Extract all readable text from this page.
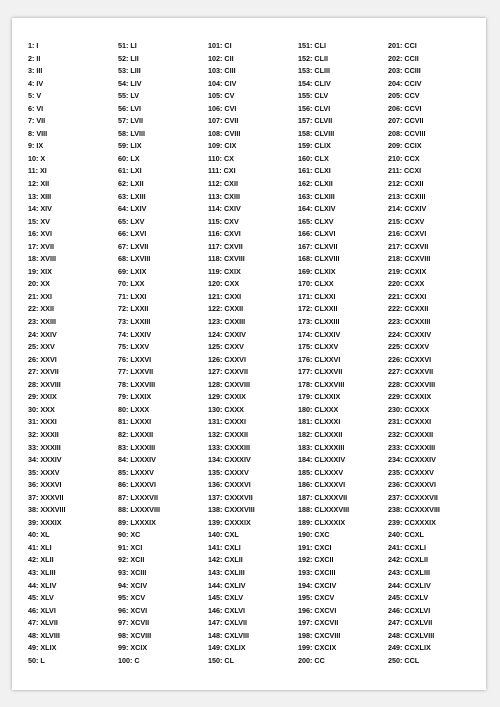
1: I
2: II
3: III
4: IV
5: V
6: VI
7: VII
8: VIII
9: IX
10: X
11: XI
12: XII
13: XIII
14: XIV
15: XV
16: XVI
17: XVII
18: XVIII
19: XIX
20: XX
21: XXI
22: XXII
23: XXIII
24: XXIV
25: XXV
26: XXVI
27: XXVII
28: XXVIII
29: XXIX
30: XXX
31: XXXI
32: XXXII
33: XXXIII
34: XXXIV
35: XXXV
36: XXXVI
37: XXXVII
38: XXXVIII
39: XXXIX
40: XL
41: XLI
42: XLII
43: XLIII
44: XLIV
45: XLV
46: XLVI
47: XLVII
48: XLVIII
49: XLIX
50: L
51: LI
52: LII
53: LIII
54: LIV
55: LV
56: LVI
57: LVII
58: LVIII
59: LIX
60: LX
61: LXI
62: LXII
63: LXIII
64: LXIV
65: LXV
66: LXVI
67: LXVII
68: LXVIII
69: LXIX
70: LXX
71: LXXI
72: LXXII
73: LXXIII
74: LXXIV
75: LXXV
76: LXXVI
77: LXXVII
78: LXXVIII
79: LXXIX
80: LXXX
81: LXXXI
82: LXXXII
83: LXXXIII
84: LXXXIV
85: LXXXV
86: LXXXVI
87: LXXXVII
88: LXXXVIII
89: LXXXIX
90: XC
91: XCI
92: XCII
93: XCIII
94: XCIV
95: XCV
96: XCVI
97: XCVII
98: XCVIII
99: XCIX
100: C
101: CI
102: CII
103: CIII
104: CIV
105: CV
106: CVI
107: CVII
108: CVIII
109: CIX
110: CX
111: CXI
112: CXII
113: CXIII
114: CXIV
115: CXV
116: CXVI
117: CXVII
118: CXVIII
119: CXIX
120: CXX
121: CXXI
122: CXXII
123: CXXIII
124: CXXIV
125: CXXV
126: CXXVI
127: CXXVII
128: CXXVIII
129: CXXIX
130: CXXX
131: CXXXI
132: CXXXII
133: CXXXIII
134: CXXXIV
135: CXXXV
136: CXXXVI
137: CXXXVII
138: CXXXVIII
139: CXXXIX
140: CXL
141: CXLI
142: CXLII
143: CXLIII
144: CXLIV
145: CXLV
146: CXLVI
147: CXLVII
148: CXLVIII
149: CXLIX
150: CL
151: CLI
152: CLII
153: CLIII
154: CLIV
155: CLV
156: CLVI
157: CLVII
158: CLVIII
159: CLIX
160: CLX
161: CLXI
162: CLXII
163: CLXIII
164: CLXIV
165: CLXV
166: CLXVI
167: CLXVII
168: CLXVIII
169: CLXIX
170: CLXX
171: CLXXI
172: CLXXII
173: CLXXIII
174: CLXXIV
175: CLXXV
176: CLXXVI
177: CLXXVII
178: CLXXVIII
179: CLXXIX
180: CLXXX
181: CLXXXI
182: CLXXXII
183: CLXXXIII
184: CLXXXIV
185: CLXXXV
186: CLXXXVI
187: CLXXXVII
188: CLXXXVIII
189: CLXXXIX
190: CXC
191: CXCI
192: CXCII
193: CXCIII
194: CXCIV
195: CXCV
196: CXCVI
197: CXCVII
198: CXCVIII
199: CXCIX
200: CC
201: CCI
202: CCII
203: CCIII
204: CCIV
205: CCV
206: CCVI
207: CCVII
208: CCVIII
209: CCIX
210: CCX
211: CCXI
212: CCXII
213: CCXIII
214: CCXIV
215: CCXV
216: CCXVI
217: CCXVII
218: CCXVIII
219: CCXIX
220: CCXX
221: CCXXI
222: CCXXII
223: CCXXIII
224: CCXXIV
225: CCXXV
226: CCXXVI
227: CCXXVII
228: CCXXVIII
229: CCXXIX
230: CCXXX
231: CCXXXI
232: CCXXXII
233: CCXXXIII
234: CCXXXIV
235: CCXXXV
236: CCXXXVI
237: CCXXXVII
238: CCXXXVIII
239: CCXXXIX
240: CCXL
241: CCXLI
242: CCXLII
243: CCXLIII
244: CCXLIV
245: CCXLV
246: CCXLVI
247: CCXLVII
248: CCXLVIII
249: CCXLIX
250: CCL
